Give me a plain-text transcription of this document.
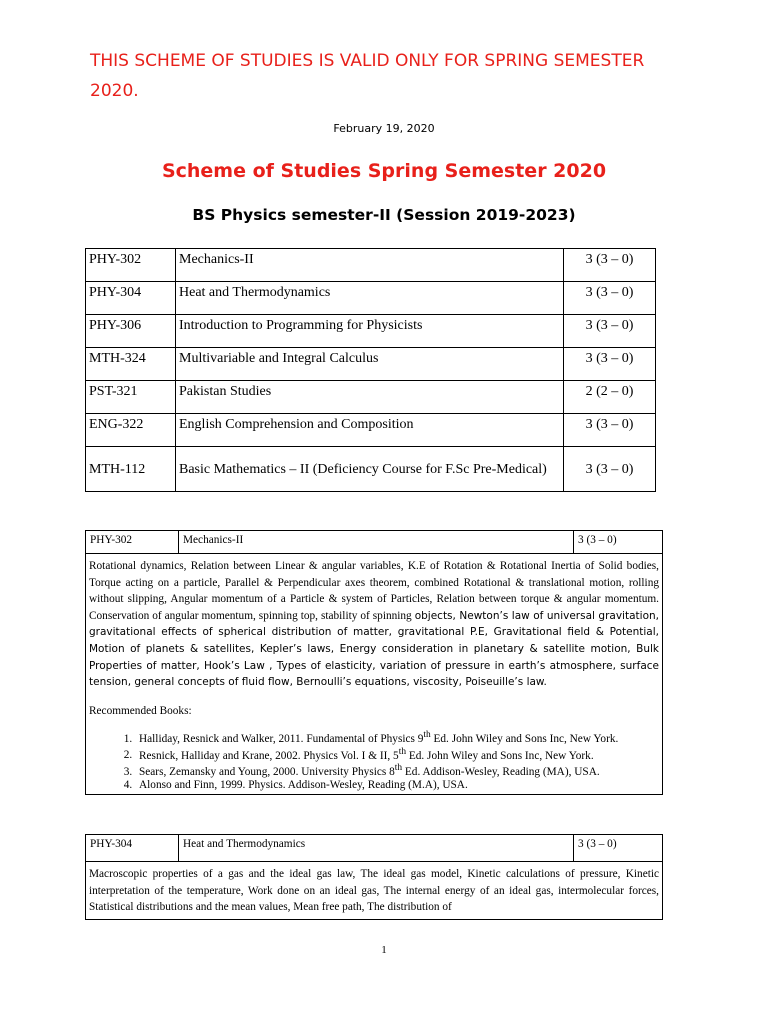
THIS SCHEME OF STUDIES IS VALID ONLY FOR SPRING SEMESTER 2020.
February 19, 2020
Scheme of Studies Spring Semester 2020
BS Physics semester-II (Session 2019-2023)
PHY-302	Mechanics-II	3 (3 – 0)
PHY-304	Heat and Thermodynamics	3 (3 – 0)
PHY-306	Introduction to Programming for Physicists	3 (3 – 0)
MTH-324	Multivariable and Integral Calculus	3 (3 – 0)
PST-321	Pakistan Studies	2 (2 – 0)
ENG-322	English Comprehension and Composition	3 (3 – 0)
MTH-112	Basic Mathematics – II (Deficiency Course for F.Sc Pre-Medical)	3 (3 – 0)
PHY-302	Mechanics-II	3 (3 – 0)

Rotational dynamics, Relation between Linear & angular variables, K.E of Rotation & Rotational Inertia of Solid bodies, Torque acting on a particle, Parallel & Perpendicular axes theorem, combined Rotational & translational motion, rolling without slipping, Angular momentum of a Particle & system of Particles, Relation between torque & angular momentum. Conservation of angular momentum, spinning top, stability of spinning objects, Newton’s law of universal gravitation, gravitational effects of spherical distribution of matter, gravitational P.E, Gravitational field & Potential, Motion of planets & satellites, Kepler’s laws, Energy consideration in planetary & satellite motion, Bulk Properties of matter, Hook’s Law , Types of elasticity, variation of pressure in earth’s atmosphere, surface tension, general concepts of fluid flow, Bernoulli’s equations, viscosity, Poiseuille’s law.

Recommended Books:
1. Halliday, Resnick and Walker, 2011. Fundamental of Physics 9th Ed. John Wiley and Sons Inc, New York.
2. Resnick, Halliday and Krane, 2002. Physics Vol. I & II, 5th Ed. John Wiley and Sons Inc, New York.
3. Sears, Zemansky and Young, 2000. University Physics 8th Ed. Addison-Wesley, Reading (MA), USA.
4. Alonso and Finn, 1999. Physics. Addison-Wesley, Reading (M.A), USA.
PHY-304	Heat and Thermodynamics	3 (3 – 0)

Macroscopic properties of a gas and the ideal gas law, The ideal gas model, Kinetic calculations of pressure, Kinetic interpretation of the temperature, Work done on an ideal gas, The internal energy of an ideal gas, intermolecular forces, Statistical distributions and the mean values, Mean free path, The distribution of

1
